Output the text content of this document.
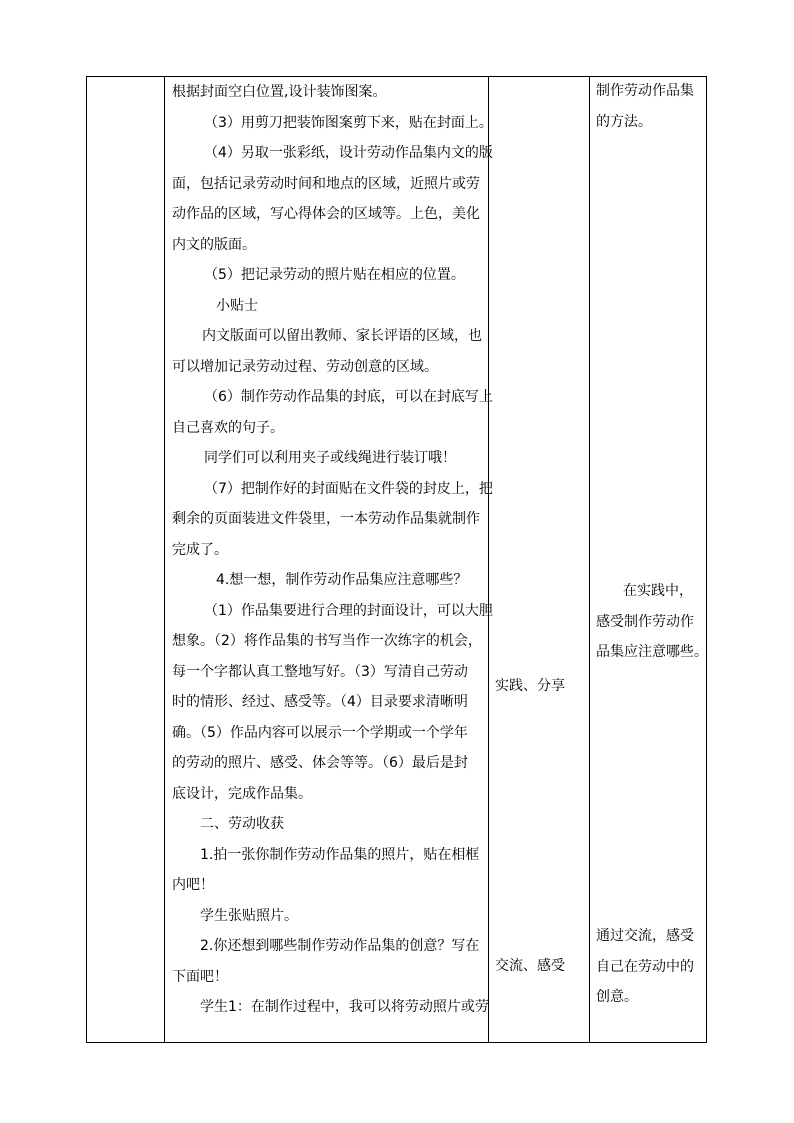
根据封面空白位置,设计装饰图案。

（3）用剪刀把装饰图案剪下来，贴在封面上。

（4）另取一张彩纸，设计劳动作品集内文的版

面，包括记录劳动时间和地点的区域，近照片或劳

动作品的区域，写心得体会的区域等。上色，美化

内文的版面。

（5）把记录劳动的照片贴在相应的位置。

小贴士

内文版面可以留出教师、家长评语的区域，也

可以增加记录劳动过程、劳动创意的区域。

（6）制作劳动作品集的封底，可以在封底写上

自己喜欢的句子。

同学们可以利用夹子或线绳进行装订哦！

（7）把制作好的封面贴在文件袋的封皮上，把

剩余的页面装进文件袋里，一本劳动作品集就制作

完成了。

4.想一想，制作劳动作品集应注意哪些？

（1）作品集要进行合理的封面设计，可以大胆

想象。（2）将作品集的书写当作一次练字的机会，

每一个字都认真工整地写好。（3）写清自己劳动

时的情形、经过、感受等。（4）目录要求清晰明

确。（5）作品内容可以展示一个学期或一个学年

的劳动的照片、感受、体会等等。（6）最后是封

底设计，完成作品集。

二、劳动收获

1.拍一张你制作劳动作品集的照片，贴在相框

内吧！

学生张贴照片。

2.你还想到哪些制作劳动作品集的创意？写在

下面吧！

学生1：在制作过程中，我可以将劳动照片或劳

实践、分享

交流、感受

制作劳动作品集

的方法。

在实践中，

感受制作劳动作

品集应注意哪些。

通过交流，感受

自己在劳动中的

创意。
